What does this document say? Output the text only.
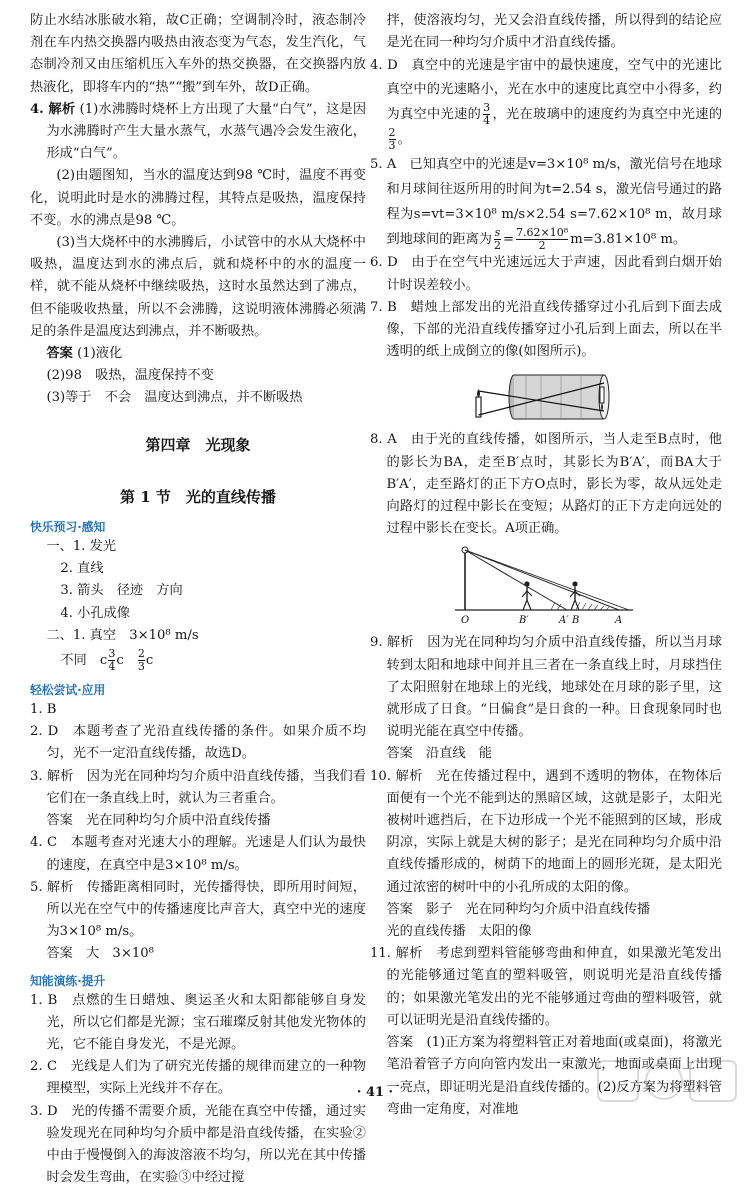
防止水结冰胀破水箱，故C正确；空调制冷时，液态制冷剂在车内热交换器内吸热由液态变为气态，发生汽化，气态制冷剂又由压缩机压入车外的热交换器，在交换器内放热液化，即将车内的“热”“搬”到车外，故D正确。
4. 解析 (1)水沸腾时烧杯上方出现了大量“白气”，这是因为水沸腾时产生大量水蒸气，水蒸气遇冷会发生液化，形成“白气”。
(2)由题图知，当水的温度达到98 ℃时，温度不再变化，说明此时是水的沸腾过程，其特点是吸热，温度保持不变。水的沸点是98 ℃。
(3)当大烧杯中的水沸腾后，小试管中的水从大烧杯中吸热，温度达到水的沸点后，就和烧杯中的水的温度一样，就不能从烧杯中继续吸热，这时水虽然达到了沸点，但不能吸收热量，所以不会沸腾，这说明液体沸腾必须满足的条件是温度达到沸点，并不断吸热。
答案 (1)液化
(2)98　吸热，温度保持不变
(3)等于　不会　温度达到沸点，并不断吸热
第四章　光现象
第 1 节　光的直线传播
快乐预习·感知
一、1. 发光
2. 直线
3. 箭头　径迹　方向
4. 小孔成像
二、1. 真空　3×10⁸ m/s
不同　c $\frac{3}{4}$ c　 $\frac{2}{3}$ c
轻松尝试·应用
1. B
2. D　本题考查了光沿直线传播的条件。如果介质不均匀，光不一定沿直线传播，故选D。
3. 解析　因为光在同种均匀介质中沿直线传播，当我们看它们在一条直线上时，就认为三者重合。
答案　光在同种均匀介质中沿直线传播
4. C　本题考查对光速大小的理解。光速是人们认为最快的速度，在真空中是3×10⁸ m/s。
5. 解析　传播距离相同时，光传播得快，即所用时间短，所以光在空气中的传播速度比声音大，真空中光的速度为3×10⁸ m/s。
答案　大　3×10⁸
知能演练·提升
1. B　点燃的生日蜡烛、奥运圣火和太阳都能够自身发光，所以它们都是光源；宝石璀璨反射其他发光物体的光，它不能自身发光，不是光源。
2. C　光线是人们为了研究光传播的规律而建立的一种物理模型，实际上光线并不存在。
3. D　光的传播不需要介质，光能在真空中传播，通过实验发现光在同种均匀介质中都是沿直线传播，在实验②中由于慢慢倒入的海波溶液不均匀，所以光在其中传播时会发生弯曲，在实验③中经过搅
拌，使溶液均匀，光又会沿直线传播，所以得到的结论应是光在同一种均匀介质中才沿直线传播。
4. D　真空中的光速是宇宙中的最快速度，空气中的光速比真空中的光速略小，光在水中的速度比真空中小得多，约为真空中光速的 $\frac{3}{4}$ ，光在玻璃中的速度约为真空中光速的
$\frac{2}{3}$ 。
5. A　已知真空中的光速是v=3×10⁸ m/s，激光信号在地球和月球间往返所用的时间为t=2.54 s，激光信号通过的路程为s=vt=3×10⁸ m/s×2.54 s=7.62×10⁸ m，故月球到地球间的距离为 $\frac{s}{2} = \frac{\text{7.62×10⁸}}{2} m=3.81\times 10^8$ m。
6. D　由于在空气中光速远远大于声速，因此看到白烟开始计时误差较小。
7. B　蜡烛上部发出的光沿直线传播穿过小孔后到下面去成像，下部的光沿直线传播穿过小孔后到上面去，所以在半透明的纸上成倒立的像(如图所示)。
8. A　由于光的直线传播，如图所示，当人走至B点时，他的影长为BA，走至B′点时，其影长为B′A′，而BA大于B′A′，走至路灯的正下方O点时，影长为零，故从远处走向路灯的过程中影长在变短；从路灯的正下方走向远处的过程中影长在变长。A项正确。
O	B′	A′ B	A
9. 解析　因为光在同种均匀介质中沿直线传播，所以当月球转到太阳和地球中间并且三者在一条直线上时，月球挡住了太阳照射在地球上的光线，地球处在月球的影子里，这就形成了日食。“日偏食”是日食的一种。日食现象同时也说明光能在真空中传播。
答案　沿直线　能
10. 解析　光在传播过程中，遇到不透明的物体，在物体后面便有一个光不能到达的黑暗区域，这就是影子，太阳光被树叶遮挡后，在下边形成一个光不能照到的区域，形成阴凉，实际上就是大树的影子；是光在同种均匀介质中沿直线传播形成的，树荫下的地面上的圆形光斑，是太阳光通过浓密的树叶中的小孔所成的太阳的像。
答案　影子　光在同种均匀介质中沿直线传播
光的直线传播　太阳的像
11. 解析　考虑到塑料管能够弯曲和伸直，如果激光笔发出的光能够通过笔直的塑料吸管，则说明光是沿直线传播的；如果激光笔发出的光不能够通过弯曲的塑料吸管，就可以证明光是沿直线传播的。
答案　(1)正方案为将塑料管正对着地面(或桌面)，将激光笔沿着管子方向向管内发出一束激光，地面或桌面上出现一亮点，即证明光是沿直线传播的。(2)反方案为将塑料管弯曲一定角度，对准地
· 41 ·
